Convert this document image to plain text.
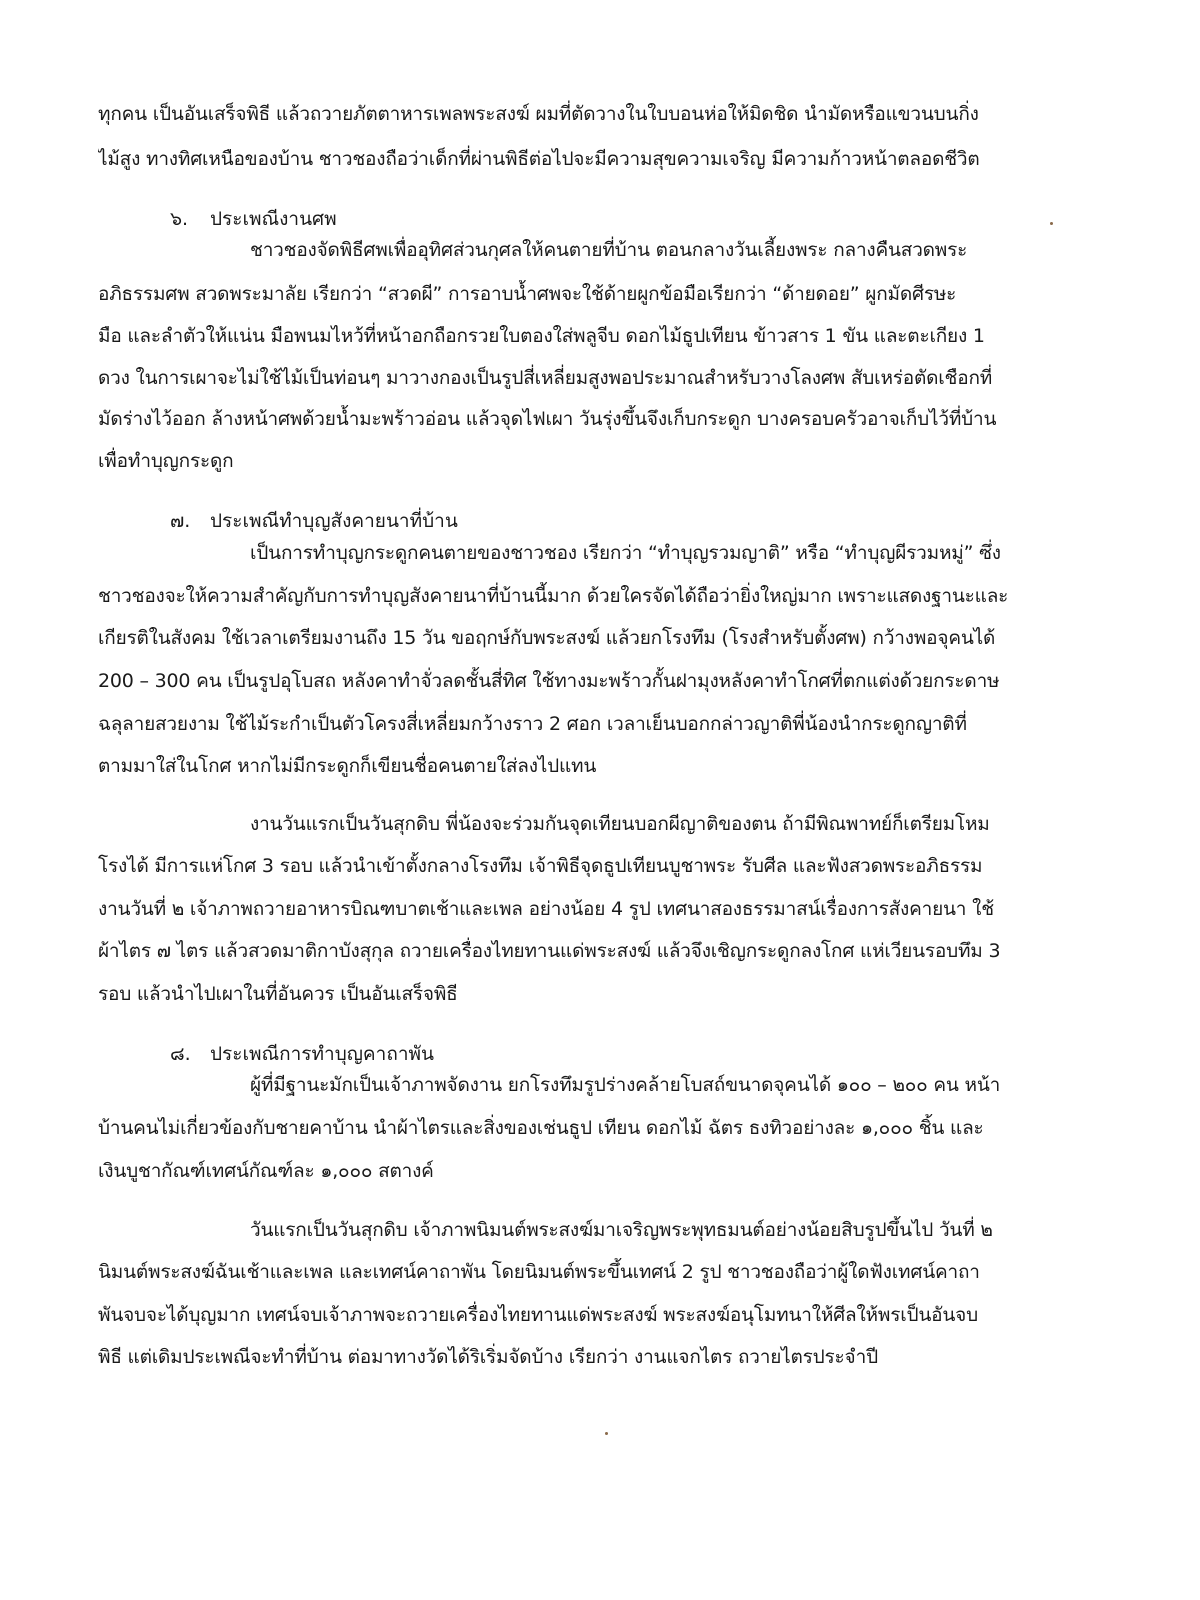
ทุกคน เป็นอันเสร็จพิธี แล้วถวายภัตตาหารเพลพระสงฆ์ ผมที่ตัดวางในใบบอนห่อให้มิดชิด นำมัดหรือแขวนบนกิ่ง
ไม้สูง ทางทิศเหนือของบ้าน ชาวชองถือว่าเด็กที่ผ่านพิธีต่อไปจะมีความสุขความเจริญ มีความก้าวหน้าตลอดชีวิต
๖. ประเพณีงานศพ
ชาวชองจัดพิธีศพเพื่ออุทิศส่วนกุศลให้คนตายที่บ้าน ตอนกลางวันเลี้ยงพระ กลางคืนสวดพระ
อภิธรรมศพ สวดพระมาลัย เรียกว่า “สวดผี” การอาบน้ำศพจะใช้ด้ายผูกข้อมือเรียกว่า “ด้ายดอย” ผูกมัดศีรษะ
มือ และลำตัวให้แน่น มือพนมไหว้ที่หน้าอกถือกรวยใบตองใส่พลูจีบ ดอกไม้ธูปเทียน ข้าวสาร 1 ขัน และตะเกียง 1
ดวง ในการเผาจะไม่ใช้ไม้เป็นท่อนๆ มาวางกองเป็นรูปสี่เหลี่ยมสูงพอประมาณสำหรับวางโลงศพ สับเหร่อตัดเชือกที่
มัดร่างไว้ออก ล้างหน้าศพด้วยน้ำมะพร้าวอ่อน แล้วจุดไฟเผา วันรุ่งขึ้นจึงเก็บกระดูก บางครอบครัวอาจเก็บไว้ที่บ้าน
เพื่อทำบุญกระดูก
๗. ประเพณีทำบุญสังคายนาที่บ้าน
เป็นการทำบุญกระดูกคนตายของชาวชอง เรียกว่า “ทำบุญรวมญาติ” หรือ “ทำบุญผีรวมหมู่” ซึ่ง
ชาวชองจะให้ความสำคัญกับการทำบุญสังคายนาที่บ้านนี้มาก ด้วยใครจัดได้ถือว่ายิ่งใหญ่มาก เพราะแสดงฐานะและ
เกียรติในสังคม ใช้เวลาเตรียมงานถึง 15 วัน ขอฤกษ์กับพระสงฆ์ แล้วยกโรงทึม (โรงสำหรับตั้งศพ) กว้างพอจุคนได้
200 – 300 คน เป็นรูปอุโบสถ หลังคาทำจั่วลดชั้นสี่ทิศ ใช้ทางมะพร้าวกั้นฝามุงหลังคาทำโกศที่ตกแต่งด้วยกระดาษ
ฉลุลายสวยงาม ใช้ไม้ระกำเป็นตัวโครงสี่เหลี่ยมกว้างราว 2 ศอก เวลาเย็นบอกกล่าวญาติพี่น้องนำกระดูกญาติที่
ตามมาใส่ในโกศ หากไม่มีกระดูกก็เขียนชื่อคนตายใส่ลงไปแทน
งานวันแรกเป็นวันสุกดิบ พี่น้องจะร่วมกันจุดเทียนบอกผีญาติของตน ถ้ามีพิณพาทย์ก็เตรียมโหม
โรงได้ มีการแห่โกศ 3 รอบ แล้วนำเข้าตั้งกลางโรงทึม เจ้าพิธีจุดธูปเทียนบูชาพระ รับศีล และฟังสวดพระอภิธรรม
งานวันที่ ๒ เจ้าภาพถวายอาหารบิณฑบาตเช้าและเพล อย่างน้อย 4 รูป เทศนาสองธรรมาสน์เรื่องการสังคายนา ใช้
ผ้าไตร ๗ ไตร แล้วสวดมาติกาบังสุกุล ถวายเครื่องไทยทานแด่พระสงฆ์ แล้วจึงเชิญกระดูกลงโกศ แห่เวียนรอบทึม 3
รอบ แล้วนำไปเผาในที่อันควร เป็นอันเสร็จพิธี
๘. ประเพณีการทำบุญคาถาพัน
ผู้ที่มีฐานะมักเป็นเจ้าภาพจัดงาน ยกโรงทึมรูปร่างคล้ายโบสถ์ขนาดจุคนได้ ๑๐๐ – ๒๐๐ คน หน้า
บ้านคนไม่เกี่ยวข้องกับชายคาบ้าน นำผ้าไตรและสิ่งของเช่นธูป เทียน ดอกไม้ ฉัตร ธงทิวอย่างละ ๑,๐๐๐ ชิ้น และ
เงินบูชากัณฑ์เทศน์กัณฑ์ละ ๑,๐๐๐ สตางค์
วันแรกเป็นวันสุกดิบ เจ้าภาพนิมนต์พระสงฆ์มาเจริญพระพุทธมนต์อย่างน้อยสิบรูปขึ้นไป วันที่ ๒
นิมนต์พระสงฆ์ฉันเช้าและเพล และเทศน์คาถาพัน โดยนิมนต์พระขึ้นเทศน์ 2 รูป ชาวชองถือว่าผู้ใดฟังเทศน์คาถา
พันจบจะได้บุญมาก เทศน์จบเจ้าภาพจะถวายเครื่องไทยทานแด่พระสงฆ์ พระสงฆ์อนุโมทนาให้ศีลให้พรเป็นอันจบ
พิธี แต่เดิมประเพณีจะทำที่บ้าน ต่อมาทางวัดได้ริเริ่มจัดบ้าง เรียกว่า งานแจกไตร ถวายไตรประจำปี
